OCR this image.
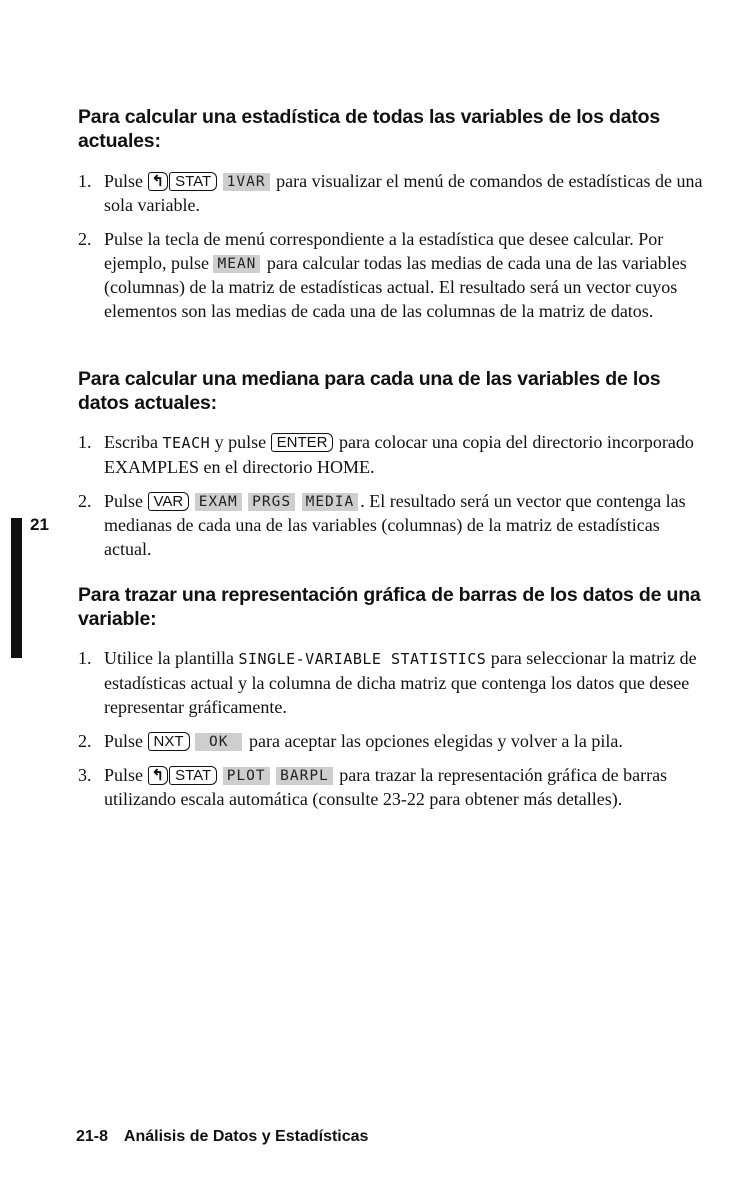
Para calcular una estadística de todas las variables de los datos actuales:
1. Pulse ↰ STAT 1VAR para visualizar el menú de comandos de estadísticas de una sola variable.
2. Pulse la tecla de menú correspondiente a la estadística que desee calcular. Por ejemplo, pulse MEAN para calcular todas las medias de cada una de las variables (columnas) de la matriz de estadísticas actual. El resultado será un vector cuyos elementos son las medias de cada una de las columnas de la matriz de datos.
Para calcular una mediana para cada una de las variables de los datos actuales:
1. Escriba TEACH y pulse ENTER para colocar una copia del directorio incorporado EXAMPLES en el directorio HOME.
2. Pulse VAR EXAM PRGS MEDIA . El resultado será un vector que contenga las medianas de cada una de las variables (columnas) de la matriz de estadísticas actual.
Para trazar una representación gráfica de barras de los datos de una variable:
1. Utilice la plantilla SINGLE-VARIABLE STATISTICS para seleccionar la matriz de estadísticas actual y la columna de dicha matriz que contenga los datos que desee representar gráficamente.
2. Pulse NXT OK para aceptar las opciones elegidas y volver a la pila.
3. Pulse ↰ STAT PLOT BARPL para trazar la representación gráfica de barras utilizando escala automática (consulte 23-22 para obtener más detalles).
21
21-8 Análisis de Datos y Estadísticas
